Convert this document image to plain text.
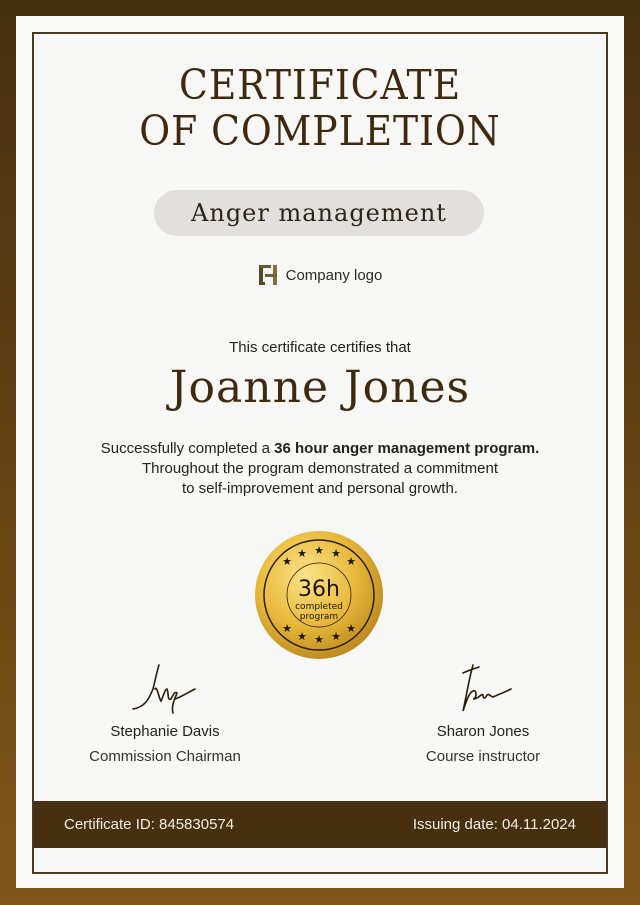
CERTIFICATE
OF COMPLETION
Anger management
Company logo
This certificate certifies that
Joanne Jones
Successfully completed a 36 hour anger management program.
Throughout the program demonstrated a commitment
to self-improvement and personal growth.
★
★ ★ ★
★
★
★ ★ ★
★
36h
completed
program
Stephanie Davis
Commission Chairman
Sharon Jones
Course instructor
Certificate ID: 845830574	Issuing date: 04.11.2024
